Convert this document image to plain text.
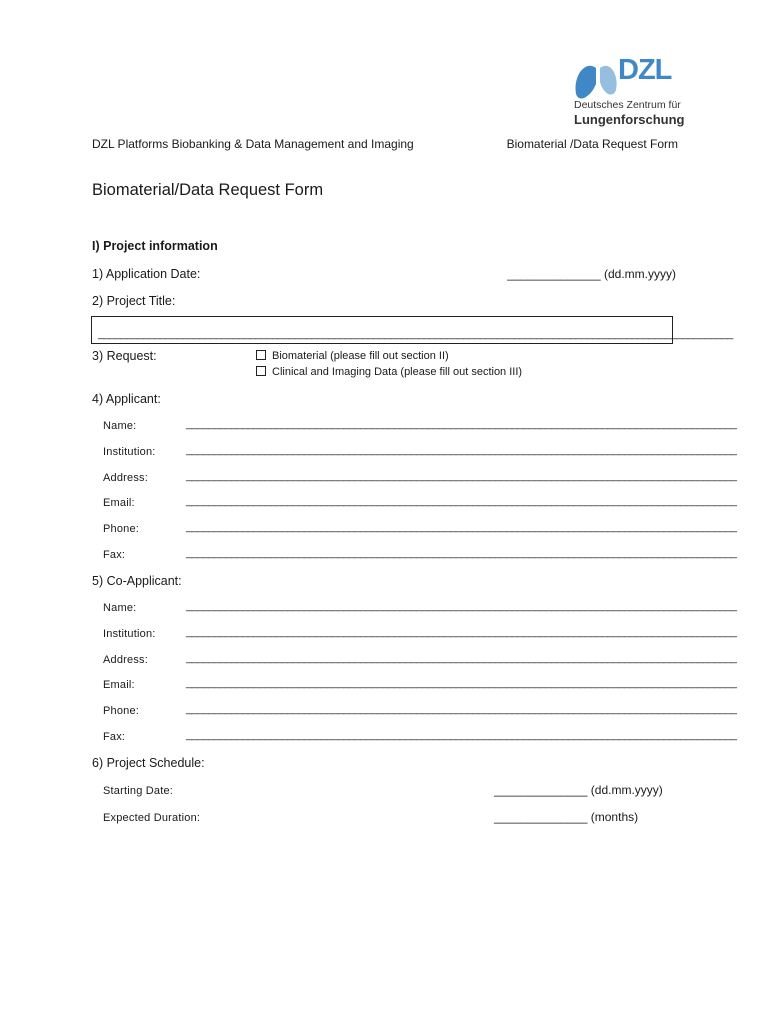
DZL
Deutsches Zentrum für
Lungenforschung
DZL Platforms Biobanking & Data Management and Imaging	Biomaterial /Data Request Form
Biomaterial/Data Request Form
I) Project information
1) Application Date:	______________ (dd.mm.yyyy)
2) Project Title:
_________________________________________________________________________________________________________________
3) Request:	Biomaterial (please fill out section II)
Clinical and Imaging Data (please fill out section III)
4) Applicant:
Name:	__________________________________________________________________________________________________
Institution:	__________________________________________________________________________________________________
Address:	__________________________________________________________________________________________________
Email:	__________________________________________________________________________________________________
Phone:	__________________________________________________________________________________________________
Fax:	__________________________________________________________________________________________________
5) Co-Applicant:
Name:	__________________________________________________________________________________________________
Institution:	__________________________________________________________________________________________________
Address:	__________________________________________________________________________________________________
Email:	__________________________________________________________________________________________________
Phone:	__________________________________________________________________________________________________
Fax:	__________________________________________________________________________________________________
6) Project Schedule:
Starting Date:	______________ (dd.mm.yyyy)
Expected Duration:	______________ (months)
